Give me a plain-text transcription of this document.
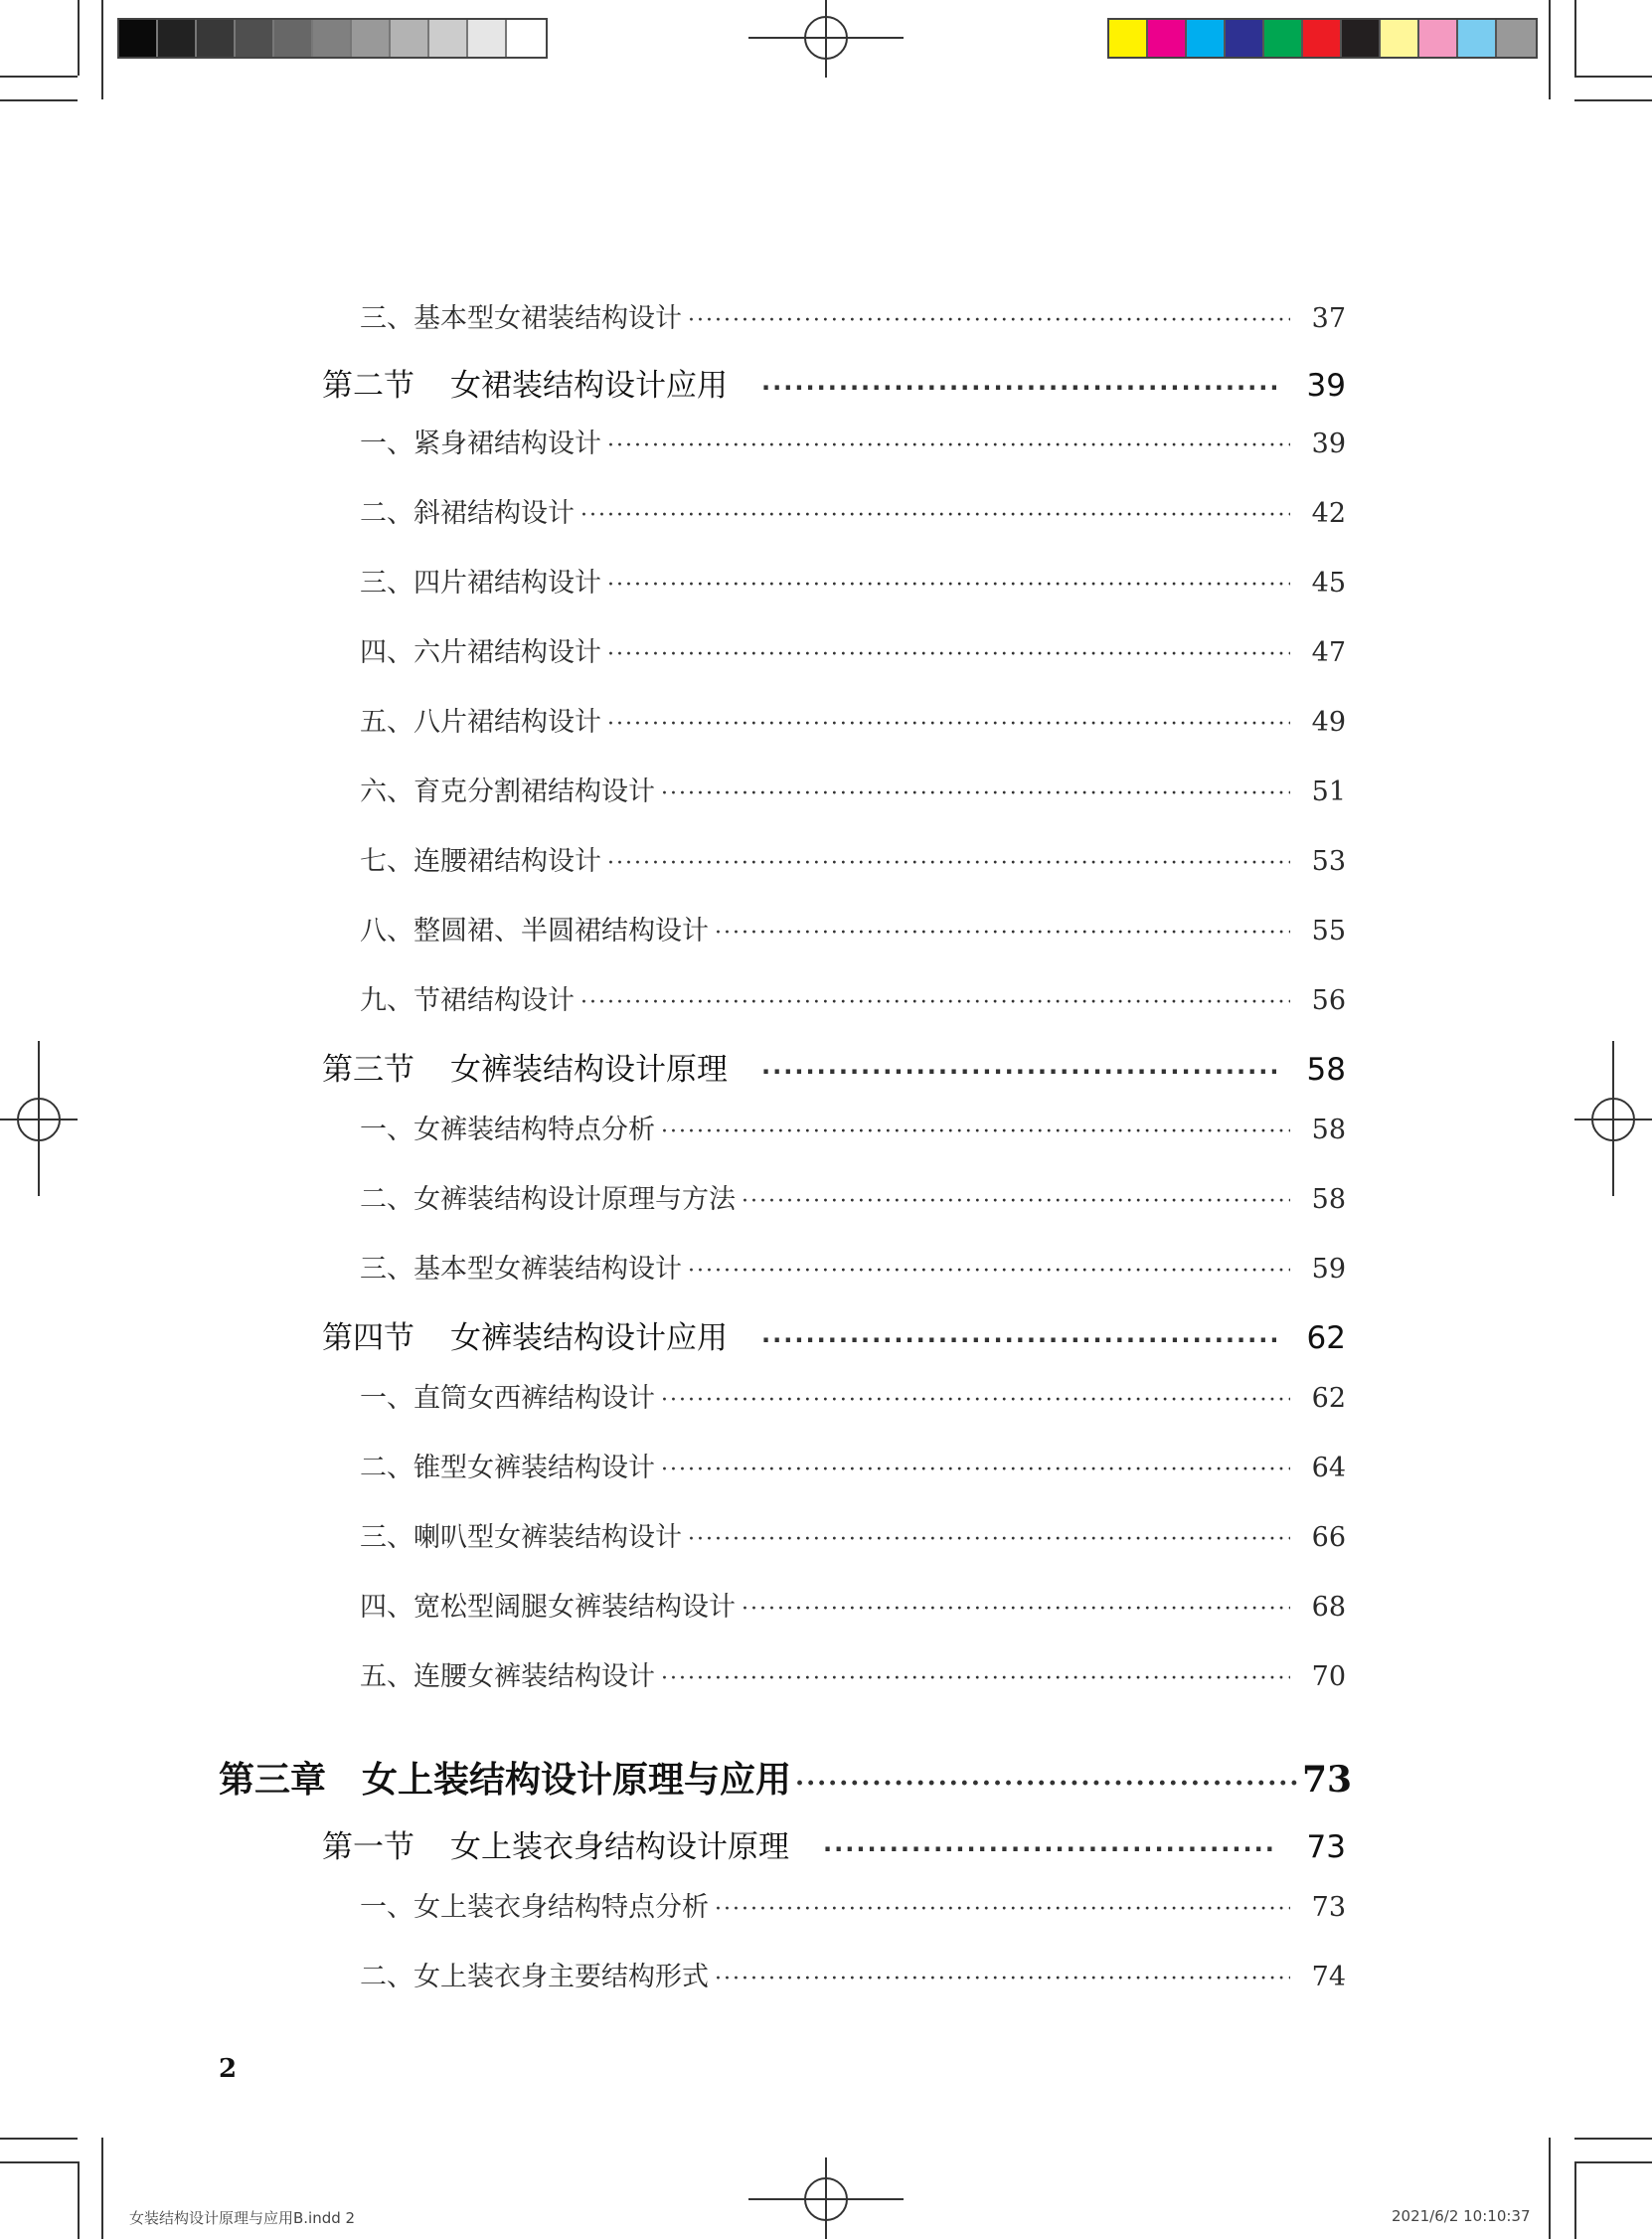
三、基本型女裙装结构设计 ·····	37
第二节 女裙装结构设计应用 ·····	39
一、紧身裙结构设计 ·····	39
二、斜裙结构设计 ·····	42
三、四片裙结构设计 ·····	45
四、六片裙结构设计 ·····	47
五、八片裙结构设计 ·····	49
六、育克分割裙结构设计 ·····	51
七、连腰裙结构设计 ·····	53
八、整圆裙、半圆裙结构设计 ·····	55
九、节裙结构设计 ·····	56
第三节 女裤装结构设计原理 ·····	58
一、女裤装结构特点分析 ·····	58
二、女裤装结构设计原理与方法 ·····	58
三、基本型女裤装结构设计 ·····	59
第四节 女裤装结构设计应用 ·····	62
一、直筒女西裤结构设计 ·····	62
二、锥型女裤装结构设计 ·····	64
三、喇叭型女裤装结构设计 ·····	66
四、宽松型阔腿女裤装结构设计 ·····	68
五、连腰女裤装结构设计 ·····	70
第三章 女上装结构设计原理与应用 ·····	73
第一节 女上装衣身结构设计原理 ·····	73
一、女上装衣身结构特点分析 ·····	73
二、女上装衣身主要结构形式 ·····	74
2
女装结构设计原理与应用B.indd 2	2021/6/2 10:10:37
